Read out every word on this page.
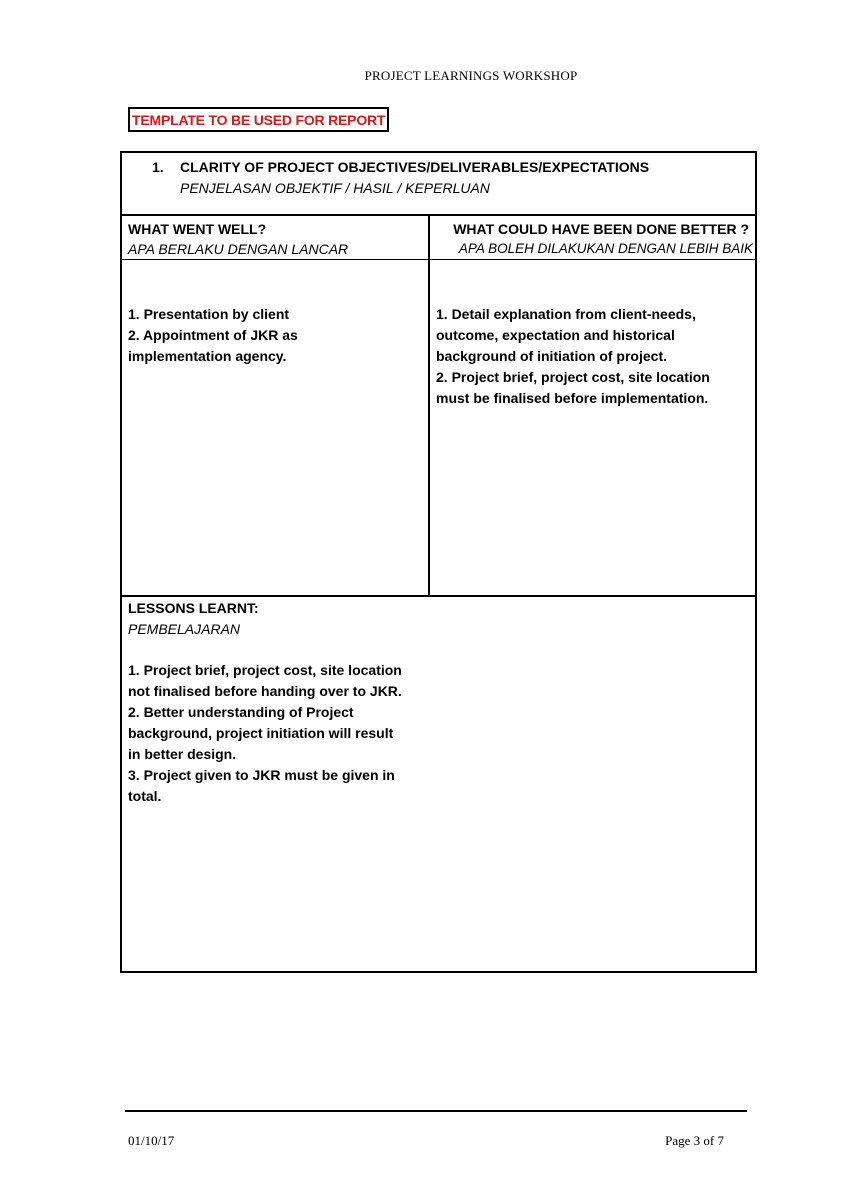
PROJECT LEARNINGS WORKSHOP
TEMPLATE TO BE USED FOR REPORT
1. CLARITY OF PROJECT OBJECTIVES/DELIVERABLES/EXPECTATIONS
PENJELASAN OBJEKTIF / HASIL / KEPERLUAN
WHAT WENT WELL?
APA BERLAKU DENGAN LANCAR
WHAT COULD HAVE BEEN DONE BETTER ?
APA BOLEH DILAKUKAN DENGAN LEBIH BAIK
1. Presentation by client
2. Appointment of JKR as
implementation agency.
1. Detail explanation from client-needs,
outcome, expectation and historical
background of initiation of project.
2. Project brief, project cost, site location
must be finalised before implementation.
LESSONS LEARNT:
PEMBELAJARAN
1. Project brief, project cost, site location
not finalised before handing over to JKR.
2. Better understanding of Project
background, project initiation will result
in better design.
3. Project given to JKR must be given in
total.
01/10/17	Page 3 of 7
